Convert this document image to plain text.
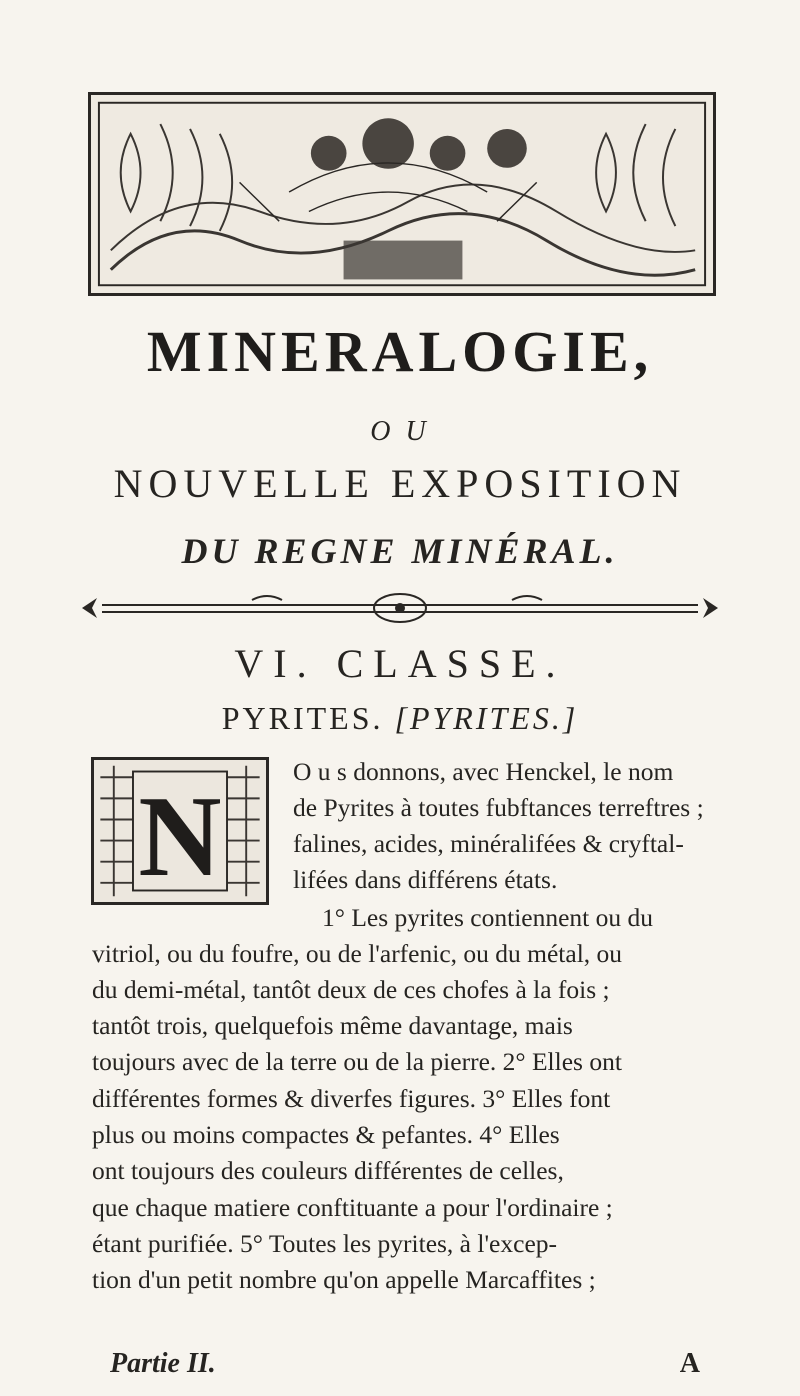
MINERALOGIE,
O U
NOUVELLE EXPOSITION
DU REGNE MINÉRAL.
VI. CLASSE.
PYRITES. [PYRITES.]
N
O u s donnons, avec Henckel, le nom
de Pyrites à toutes fubftances terreftres ;
falines, acides, minéralifées & cryftal-
lifées dans différens états.
1° Les pyrites contiennent ou du
vitriol, ou du foufre, ou de l'arfenic, ou du métal, ou
du demi-métal, tantôt deux de ces chofes à la fois ;
tantôt trois, quelquefois même davantage, mais
toujours avec de la terre ou de la pierre. 2° Elles ont
différentes formes & diverfes figures. 3° Elles font
plus ou moins compactes & pefantes. 4° Elles
ont toujours des couleurs différentes de celles,
que chaque matiere conftituante a pour l'ordinaire ;
étant purifiée. 5° Toutes les pyrites, à l'excep-
tion d'un petit nombre qu'on appelle Marcaffites ;
Partie II.	A
